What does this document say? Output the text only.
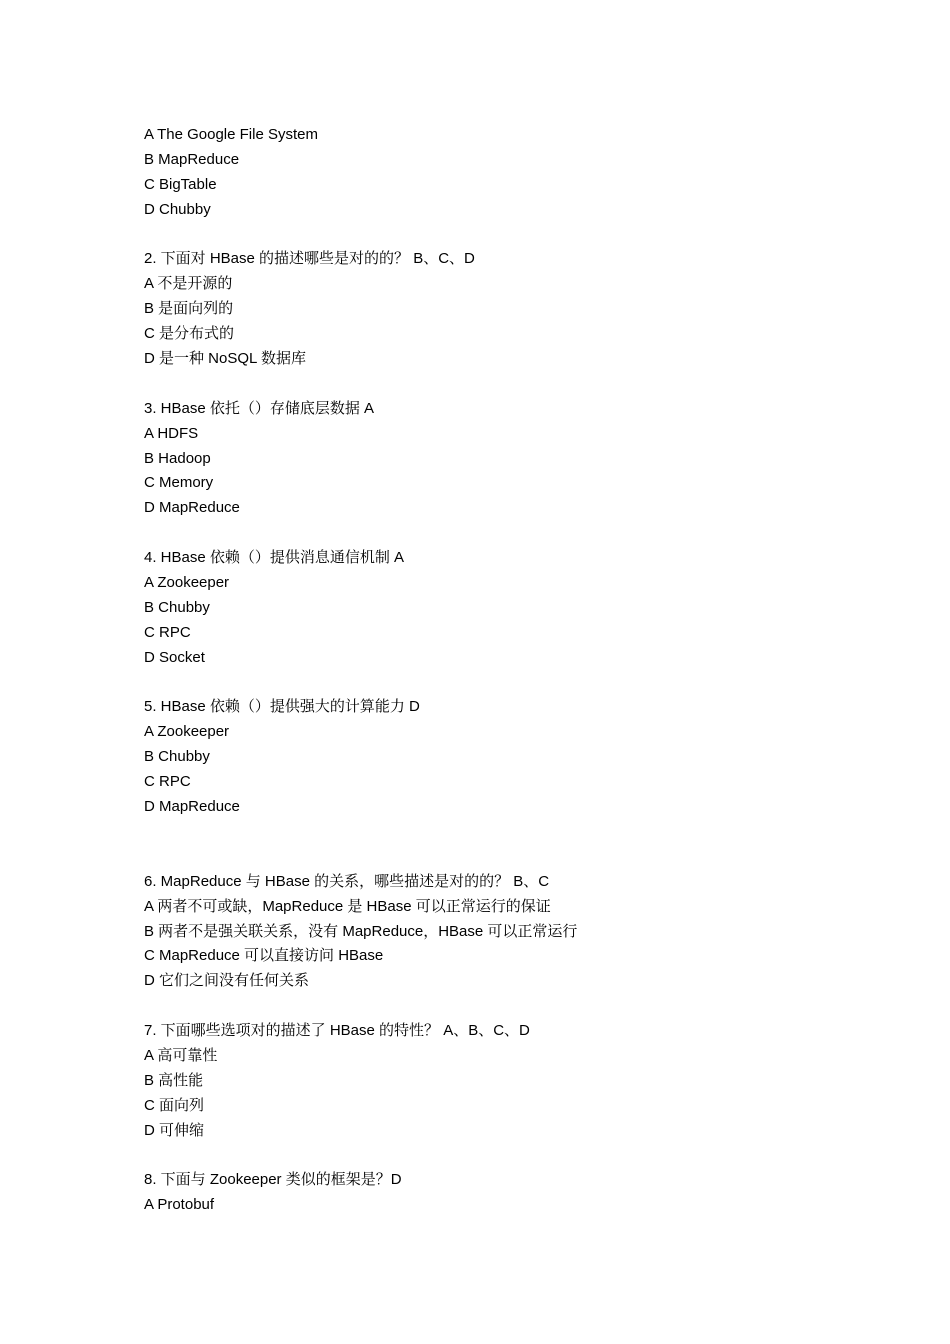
A The Google File System
B MapReduce
C BigTable
D Chubby
2. 下面对 HBase 的描述哪些是对的的？ B、C、D
A 不是开源的
B 是面向列的
C 是分布式的
D 是一种 NoSQL 数据库
3. HBase 依托（）存储底层数据 A
A HDFS
B Hadoop
C Memory
D MapReduce
4. HBase 依赖（）提供消息通信机制 A
A Zookeeper
B Chubby
C RPC
D Socket
5. HBase 依赖（）提供强大的计算能力 D
A Zookeeper
B Chubby
C RPC
D MapReduce
6. MapReduce 与 HBase 的关系，哪些描述是对的的？ B、C
A 两者不可或缺，MapReduce 是 HBase 可以正常运行的保证
B 两者不是强关联关系，没有 MapReduce，HBase 可以正常运行
C MapReduce 可以直接访问 HBase
D 它们之间没有任何关系
7. 下面哪些选项对的描述了 HBase 的特性？ A、B、C、D
A 高可靠性
B 高性能
C 面向列
D 可伸缩
8. 下面与 Zookeeper 类似的框架是？D
A Protobuf
